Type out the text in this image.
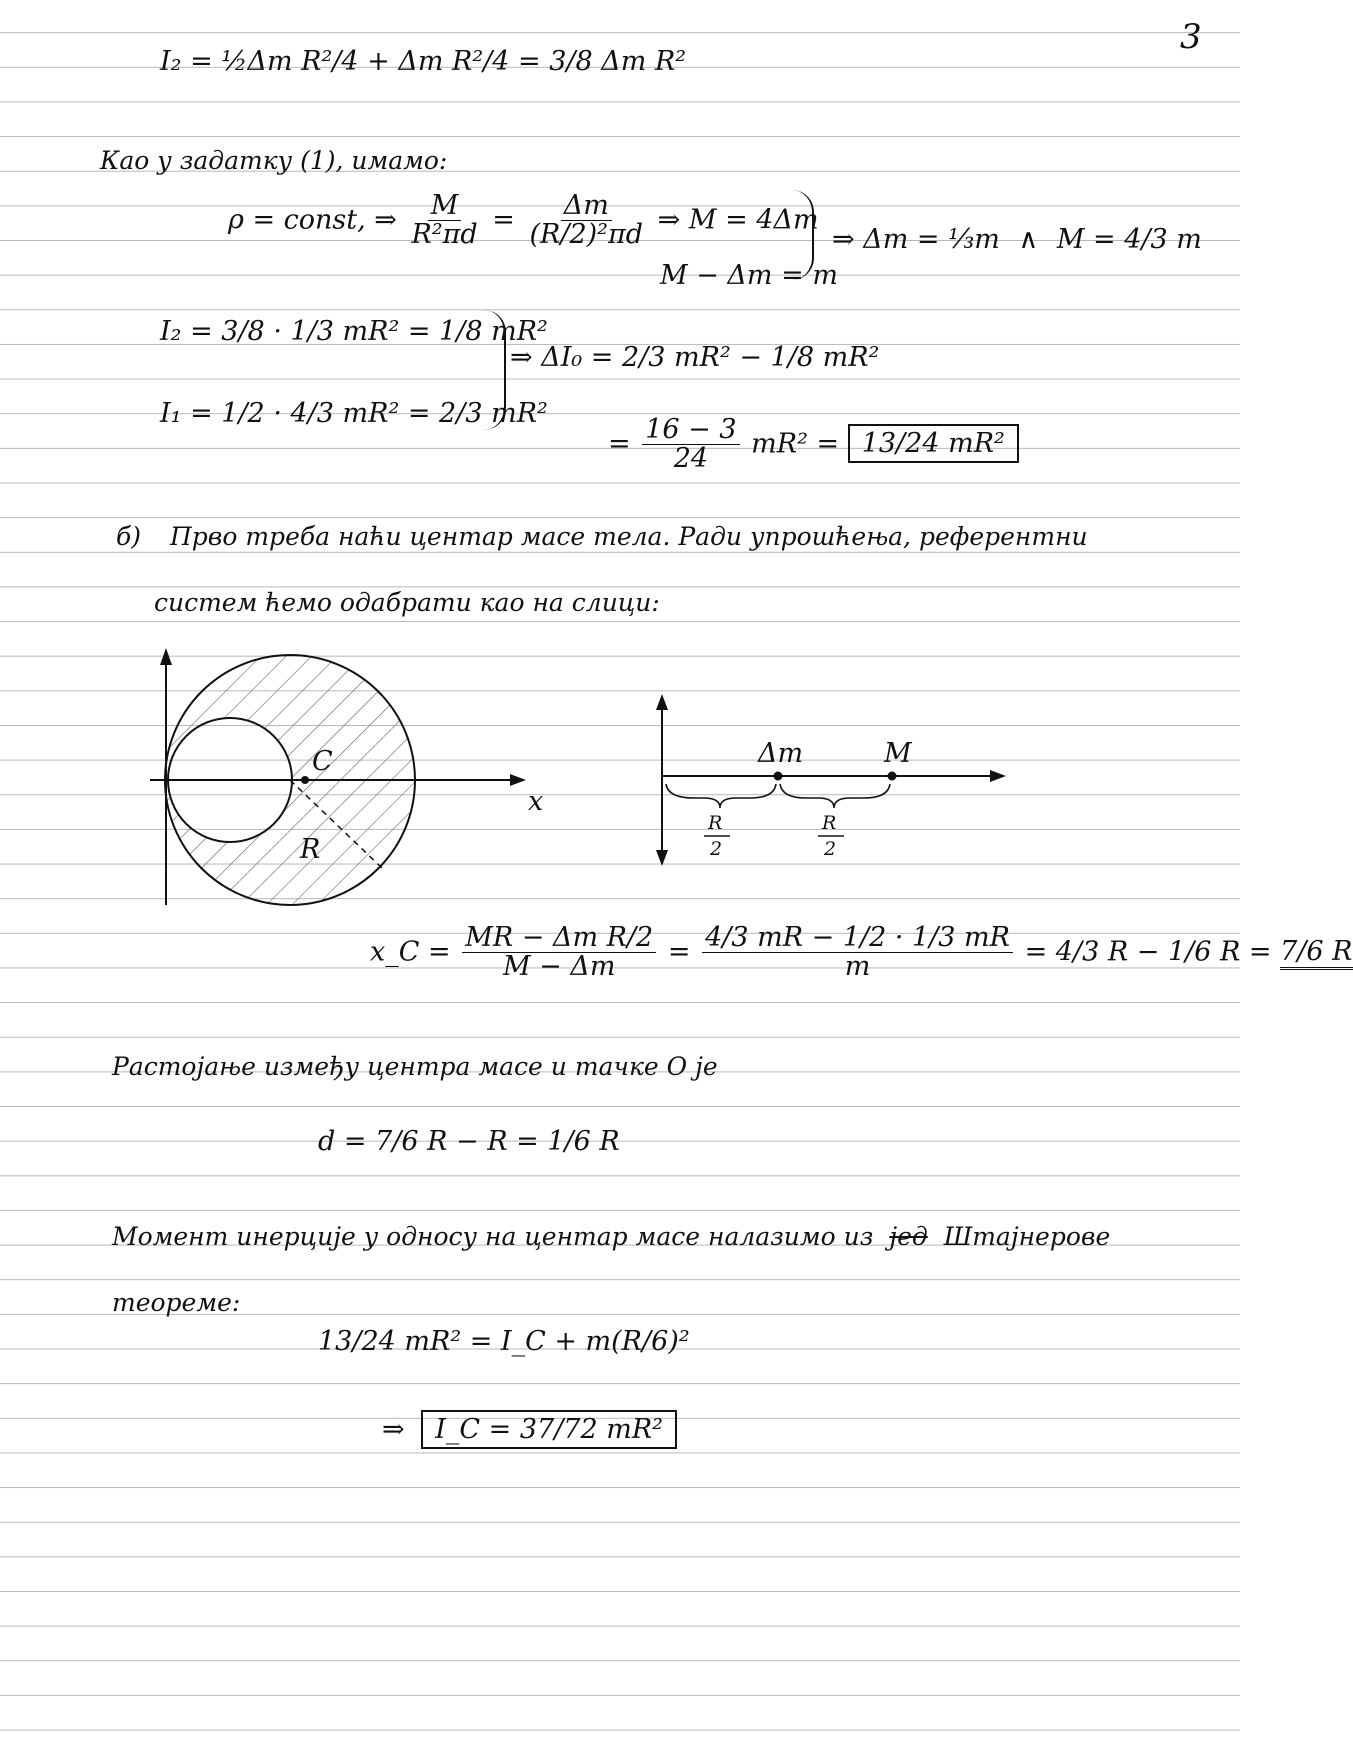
3
I₂ = ½Δm R²/4 + Δm R²/4 = 3/8 Δm R²
Као у задатку (1), имамо:
ρ = const, ⇒ $\frac{M}{\text{R²πd}} = \frac{\Delta m}{\text{(R/2)²πd}}$ ⇒ M = 4Δm
M − Δm = m
⇒ Δm = ⅓m ∧ M = 4/3 m
I₂ = 3/8 · 1/3 mR² = 1/8 mR²
I₁ = 1/2 · 4/3 mR² = 2/3 mR²
⇒ ΔI₀ = 2/3 mR² − 1/8 mR²
= $\frac{16 - 3}{24} mR^2 = 13/24$ mR²
б) Прво треба наћи центар масе тела. Ради упрошћења, референтни
систем ћемо одабрати као на слици:
C
x
R
Δm	M
R
2
R
2
x_C = $\frac{\text{MR − Δm R/2}}{M - \Delta m} = \frac{4/3 mR - 1/2 \cdot 1/3 mR}{m} = 4/3$ R − 1/6 R = 7/6 R
Растојање између центра масе и тачке O је
d = 7/6 R − R = 1/6 R
Момент инерције у односу на центар масе налазимо из јед Штајнерове
теореме:
13/24 mR² = I_C + m(R/6)²
⇒ I_C = 37/72 mR²
